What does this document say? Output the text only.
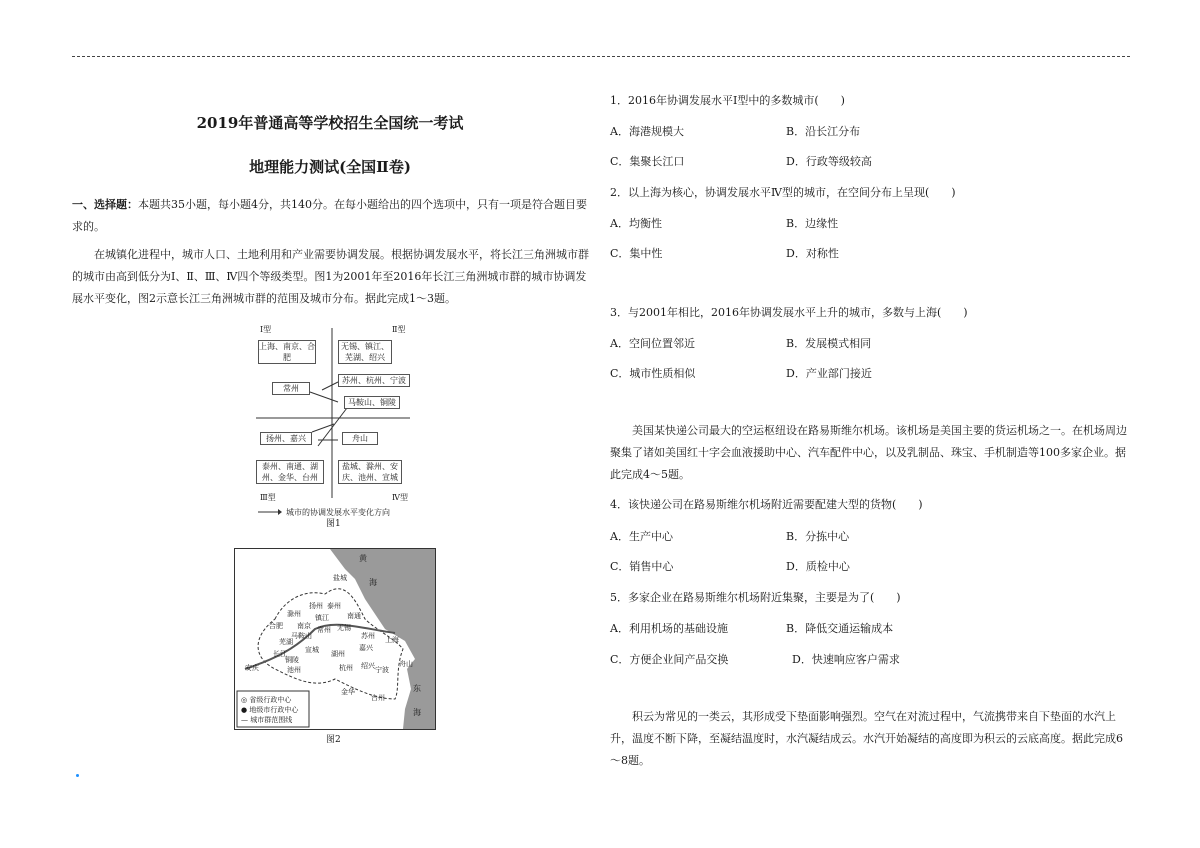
2019年普通高等学校招生全国统一考试
地理能力测试(全国Ⅱ卷)
一、选择题：本题共35小题，每小题4分，共140分。在每小题给出的四个选项中，只有一项是符合题目要求的。
在城镇化进程中，城市人口、土地利用和产业需要协调发展。根据协调发展水平，将长江三角洲城市群的城市由高到低分为Ⅰ、Ⅱ、Ⅲ、Ⅳ四个等级类型。图1为2001年至2016年长江三角洲城市群的城市协调发展水平变化，图2示意长江三角洲城市群的范围及城市分布。据此完成1～3题。
Ⅰ型	Ⅱ型
上海、南京、合肥
无锡、镇江、芜湖、绍兴
常州
苏州、杭州、宁波
马鞍山、铜陵
扬州、嘉兴	舟山
泰州、南通、湖州、金华、台州
盐城、滁州、安庆、池州、宣城
Ⅲ型	Ⅳ型
城市的协调发展水平变化方向
图1
黄
海
东
海
盐城
扬州 泰州
滁州
南京
南通
合肥
镇江
常州 无锡
苏州 上海
马鞍山
芜湖
铜陵
宣城 湖州
嘉兴
舟山
池州
安庆	杭州 绍兴 宁波
金华
台州
长江
◎ 省级行政中心
● 地级市行政中心
— 城市群范围线
图2
1．2016年协调发展水平Ⅰ型中的多数城市(　　)
A．海港规模大	B．沿长江分布
C．集聚长江口	D．行政等级较高
2．以上海为核心，协调发展水平Ⅳ型的城市，在空间分布上呈现(　　)
A．均衡性	B．边缘性
C．集中性	D．对称性
3．与2001年相比，2016年协调发展水平上升的城市，多数与上海(　　)
A．空间位置邻近	B．发展模式相同
C．城市性质相似	D．产业部门接近
美国某快递公司最大的空运枢纽设在路易斯维尔机场。该机场是美国主要的货运机场之一。在机场周边聚集了诸如美国红十字会血液援助中心、汽车配件中心，以及乳制品、珠宝、手机制造等100多家企业。据此完成4～5题。
4．该快递公司在路易斯维尔机场附近需要配建大型的货物(　　)
A．生产中心	B．分拣中心
C．销售中心	D．质检中心
5．多家企业在路易斯维尔机场附近集聚，主要是为了(　　)
A．利用机场的基础设施	B．降低交通运输成本
C．方便企业间产品交换	D．快速响应客户需求
积云为常见的一类云，其形成受下垫面影响强烈。空气在对流过程中，气流携带来自下垫面的水汽上升，温度不断下降，至凝结温度时，水汽凝结成云。水汽开始凝结的高度即为积云的云底高度。据此完成6～8题。
